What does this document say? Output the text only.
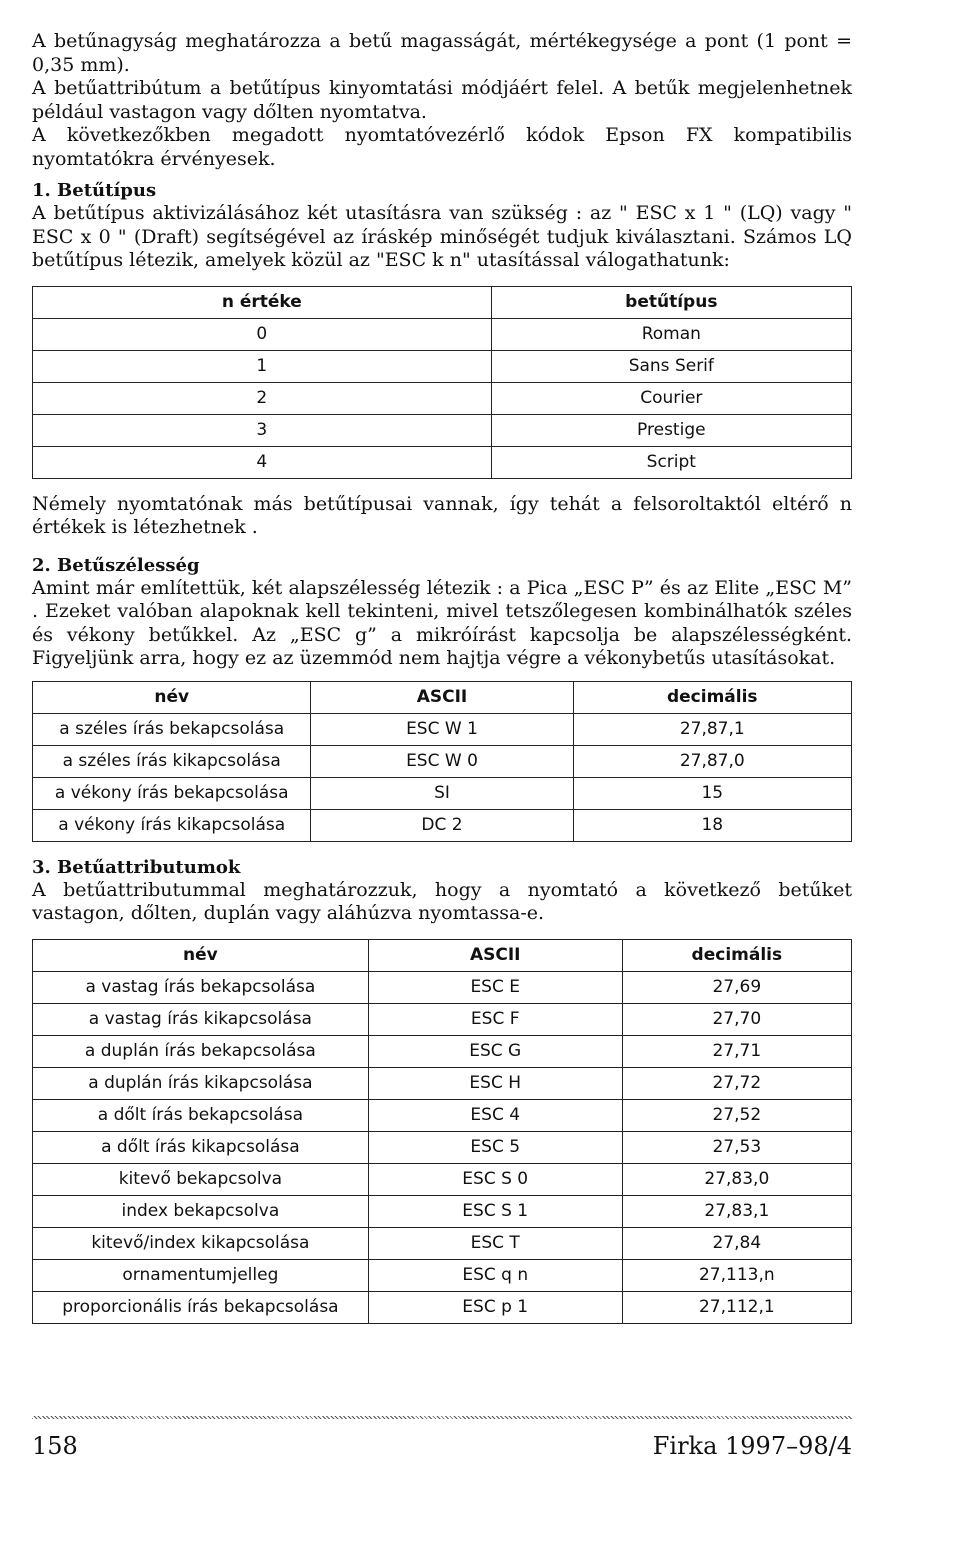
A betűnagyság meghatározza a betű magasságát, mértékegysége a pont (1 pont = 0,35 mm).

A betűattribútum a betűtípus kinyomtatási módjáért felel. A betűk megjelenhetnek például vastagon vagy dőlten nyomtatva.

A következőkben megadott nyomtatóvezérlő kódok Epson FX kompatibilis nyomtatókra érvényesek.

1. Betűtípus

A betűtípus aktivizálásához két utasításra van szükség : az " ESC x 1 " (LQ) vagy " ESC x 0 " (Draft) segítségével az íráskép minőségét tudjuk kiválasztani. Számos LQ betűtípus létezik, amelyek közül az "ESC k n" utasítással válogathatunk:

n értéke	betűtípus
0	Roman
1	Sans Serif
2	Courier
3	Prestige
4	Script

Némely nyomtatónak más betűtípusai vannak, így tehát a felsoroltaktól eltérő n értékek is létezhetnek .

2. Betűszélesség

Amint már említettük, két alapszélesség létezik : a Pica „ESC P” és az Elite „ESC M” . Ezeket valóban alapoknak kell tekinteni, mivel tetszőlegesen kombinálhatók széles és vékony betűkkel. Az „ESC g” a mikróírást kapcsolja be alapszélességként. Figyeljünk arra, hogy ez az üzemmód nem hajtja végre a vékonybetűs utasításokat.

név	ASCII	decimális
a széles írás bekapcsolása	ESC W 1	27,87,1
a széles írás kikapcsolása	ESC W 0	27,87,0
a vékony írás bekapcsolása	SI	15
a vékony írás kikapcsolása	DC 2	18
3. Betűattributumok

A betűattributummal meghatározzuk, hogy a nyomtató a következő betűket vastagon, dőlten, duplán vagy aláhúzva nyomtassa-e.

név	ASCII	decimális
a vastag írás bekapcsolása	ESC E	27,69
a vastag írás kikapcsolása	ESC F	27,70
a duplán írás bekapcsolása	ESC G	27,71
a duplán írás kikapcsolása	ESC H	27,72
a dőlt írás bekapcsolása	ESC 4	27,52
a dőlt írás kikapcsolása	ESC 5	27,53
kitevő bekapcsolva	ESC S 0	27,83,0
index bekapcsolva	ESC S 1	27,83,1
kitevő/index kikapcsolása	ESC T	27,84
ornamentumjelleg	ESC q n	27,113,n
proporcionális írás bekapcsolása	ESC p 1	27,112,1
158	Firka 1997–98/4
